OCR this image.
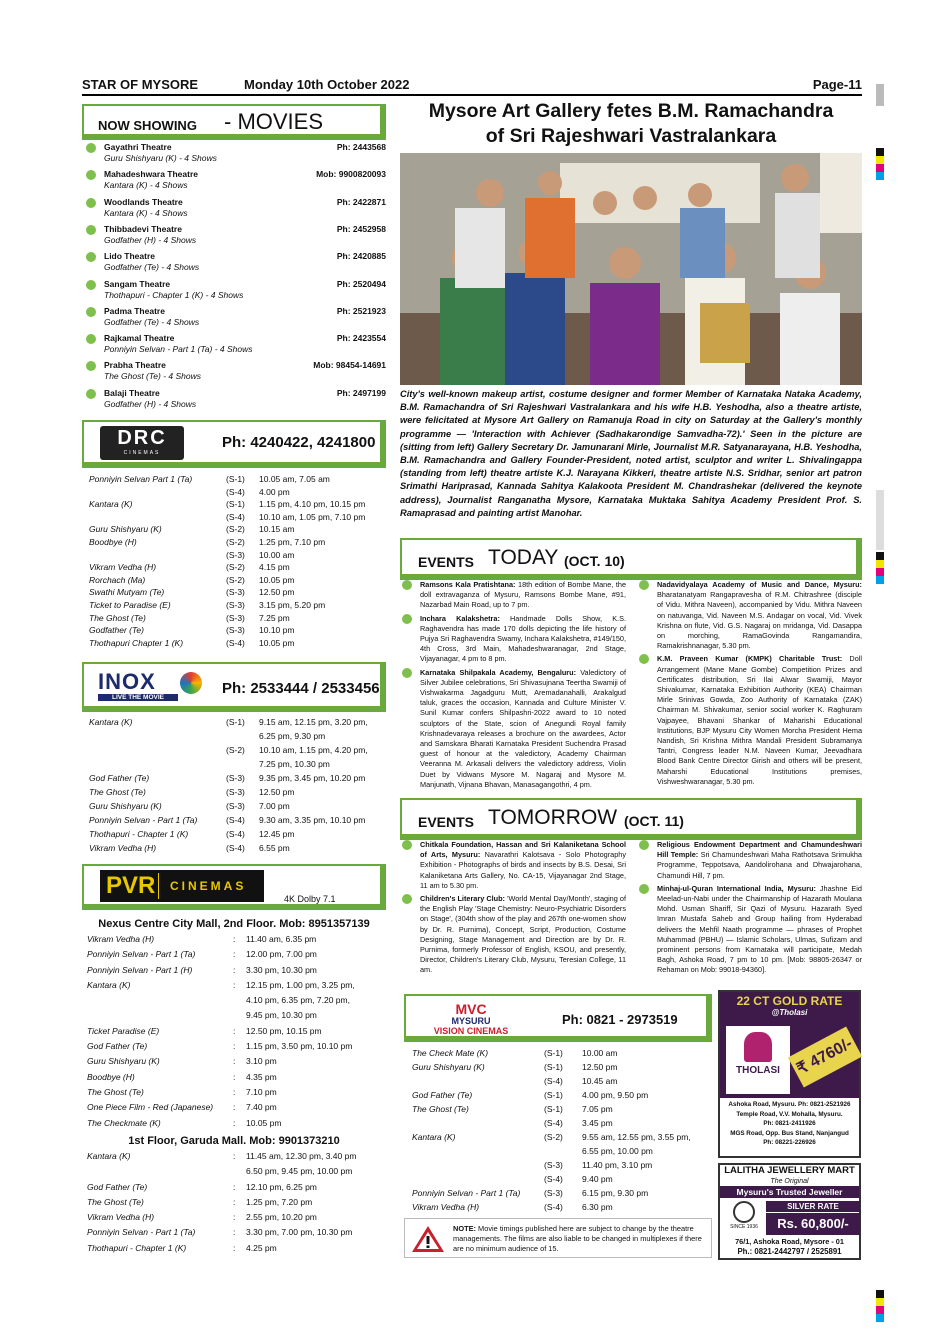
STAR OF MYSORE	Monday 10th October 2022	Page-11
NOW SHOWING - MOVIES
Gayathri Theatre	Ph: 2443568
Guru Shishyaru (K) - 4 Shows
Mahadeshwara Theatre	Mob: 9900820093
Kantara (K) - 4 Shows
Woodlands Theatre	Ph: 2422871
Kantara (K) - 4 Shows
Thibbadevi Theatre	Ph: 2452958
Godfather (H) - 4 Shows
Lido Theatre	Ph: 2420885
Godfather (Te) - 4 Shows
Sangam Theatre	Ph: 2520494
Thothapuri - Chapter 1 (K) - 4 Shows
Padma Theatre	Ph: 2521923
Godfather (Te) - 4 Shows
Rajkamal Theatre	Ph: 2423554
Ponniyin Selvan - Part 1 (Ta) - 4 Shows
Prabha Theatre	Mob: 98454-14691
The Ghost (Te) - 4 Shows
Balaji Theatre	Ph: 2497199
Godfather (H) - 4 Shows
DRC
CINEMAS
Ph: 4240422, 4241800
Ponniyin Selvan Part 1 (Ta)	(S-1) 10.05 am, 7.05 am
(S-4) 4.00 pm
Kantara (K)	(S-1) 1.15 pm, 4.10 pm, 10.15 pm
(S-4) 10.10 am, 1.05 pm, 7.10 pm
Guru Shishyaru (K)	(S-2) 10.15 am
Boodbye (H)	(S-2) 1.25 pm, 7.10 pm
(S-3) 10.00 am
Vikram Vedha (H)	(S-2) 4.15 pm
Rorchach (Ma)	(S-2) 10.05 pm
Swathi Mutyam (Te)	(S-3) 12.50 pm
Ticket to Paradise (E)	(S-3) 3.15 pm, 5.20 pm
The Ghost (Te)	(S-3) 7.25 pm
Godfather (Te)	(S-3) 10.10 pm
Thothapuri Chapter 1 (K)	(S-4) 10.05 pm
INOX
LIVE THE MOVIE
Ph: 2533444 / 2533456
Kantara (K)	(S-1) 9.15 am, 12.15 pm, 3.20 pm,
6.25 pm, 9.30 pm
(S-2) 10.10 am, 1.15 pm, 4.20 pm,
7.25 pm, 10.30 pm
God Father (Te)	(S-3) 9.35 pm, 3.45 pm, 10.20 pm
The Ghost (Te)	(S-3) 12.50 pm
Guru Shishyaru (K)	(S-3) 7.00 pm
Ponniyin Selvan - Part 1 (Ta)	(S-4) 9.30 am, 3.35 pm, 10.10 pm
Thothapuri - Chapter 1 (K)	(S-4) 12.45 pm
Vikram Vedha (H)	(S-4) 6.55 pm
PVR CINEMAS
4K Dolby 7.1
Nexus Centre City Mall, 2nd Floor. Mob: 8951357139
Vikram Vedha (H)	: 11.40 am, 6.35 pm
Ponniyin Selvan - Part 1 (Ta)	: 12.00 pm, 7.00 pm
Ponniyin Selvan - Part 1 (H)	: 3.30 pm, 10.30 pm
Kantara (K)	: 12.15 pm, 1.00 pm, 3.25 pm,
4.10 pm, 6.35 pm, 7.20 pm,
9.45 pm, 10.30 pm
Ticket Paradise (E)	: 12.50 pm, 10.15 pm
God Father (Te)	: 1.15 pm, 3.50 pm, 10.10 pm
Guru Shishyaru (K)	: 3.10 pm
Boodbye (H)	: 4.35 pm
The Ghost (Te)	: 7.10 pm
One Piece Film - Red (Japanese) : 7.40 pm
The Checkmate (K)	: 10.05 pm
1st Floor, Garuda Mall. Mob: 9901373210
Kantara (K)	: 11.45 am, 12.30 pm, 3.40 pm
6.50 pm, 9.45 pm, 10.00 pm
God Father (Te)	: 12.10 pm, 6.25 pm
The Ghost (Te)	: 1.25 pm, 7.20 pm
Vikram Vedha (H)	: 2.55 pm, 10.20 pm
Ponniyin Selvan - Part 1 (Ta)	: 3.30 pm, 7.00 pm, 10.30 pm
Thothapuri - Chapter 1 (K)	: 4.25 pm
Mysore Art Gallery fetes B.M. Ramachandra
of Sri Rajeshwari Vastralankara
City's well-known makeup artist, costume designer and former Member of Karnataka Nataka Academy, B.M. Ramachandra of Sri Rajeshwari Vastralankara and his wife H.B. Yeshodha, also a theatre artiste, were felicitated at Mysore Art Gallery on Ramanuja Road in city on Saturday at the Gallery's monthly programme — 'Interaction with Achiever (Sadhakarondige Samvadha-72).' Seen in the picture are (sitting from left) Gallery Secretary Dr. Jamunarani Mirle, Journalist M.R. Satyanarayana, H.B. Yeshodha, B.M. Ramachandra and Gallery Founder-President, noted artist, sculptor and writer L. Shivalingappa (standing from left) theatre artiste K.J. Narayana Kikkeri, theatre artiste N.S. Sridhar, senior art patron Srimathi Hariprasad, Kannada Sahitya Kalakoota President M. Chandrashekar (delivered the keynote address), Journalist Ranganatha Mysore, Karnataka Muktaka Sahitya Academy President Prof. S. Ramaprasad and painting artist Manohar.
EVENTS TODAY (OCT. 10)

Ramsons Kala Pratishtana: 18th edition of Bombe Mane, the doll extravaganza of Mysuru, Ramsons Bombe Mane, #91, Nazarbad Main Road, up to 7 pm.

Inchara Kalakshetra: Handmade Dolls Show, K.S. Raghavendra has made 170 dolls depicting the life history of Pujya Sri Raghavendra Swamy, Inchara Kalakshetra, #149/150, 4th Cross, 3rd Main, Mahadeshwaranagar, 2nd Stage, Vijayanagar, 4 pm to 8 pm.

Karnataka Shilpakala Academy, Bengaluru: Valedictory of Silver Jubilee celebrations, Sri Shivasujnana Teertha Swamiji of Vishwakarma Jagadguru Mutt, Aremadanahalli, Arakalgud taluk, graces the occasion, Kannada and Culture Minister V. Sunil Kumar confers Shilpashri-2022 award to 10 noted sculptors of the State, scion of Anegundi Royal family Krishnadevaraya releases a brochure on the awardees, Actor and Samskara Bharati Karnataka President Suchendra Prasad guest of honour at the valedictory, Academy Chairman Veeranna M. Arkasali delivers the valedictory address, Violin Duet by Vidwans Mysore M. Nagaraj and Mysore M. Manjunath, Vijnana Bhavan, Manasagangothri, 4 pm.

Nadavidyalaya Academy of Music and Dance, Mysuru: Bharatanatyam Rangapravesha of R.M. Chitrashree (disciple of Vidu. Mithra Naveen), accompanied by Vidu. Mithra Naveen on natuvanga, Vid. Naveen M.S. Andagar on vocal, Vid. Vivek Krishna on flute, Vid. G.S. Nagaraj on mridanga, Vid. Dasappa on morching, RamaGovinda Rangamandira, Ramakrishnanagar, 5.30 pm.

K.M. Praveen Kumar (KMPK) Charitable Trust: Doll Arrangement (Mane Mane Gombe) Competition Prizes and Certificates distribution, Sri Ilai Alwar Swamiji, Mayor Shivakumar, Karnataka Exhibition Authority (KEA) Chairman Mirle Srinivas Gowda, Zoo Authority of Karnataka (ZAK) Chairman M. Shivakumar, senior social worker K. Raghuram Vajpayee, Bhavani Shankar of Maharishi Educational Institutions, BJP Mysuru City Women Morcha President Hema Nandish, Sri Krishna Mithra Mandali President Subramanya Tantri, Congress leader N.M. Naveen Kumar, Jeevadhara Blood Bank Centre Director Girish and others will be present, Maharshi Educational Institutions premises, Vishweshwaranagar, 5.30 pm.

EVENTS TOMORROW (OCT. 11)

Chitkala Foundation, Hassan and Sri Kalaniketana School of Arts, Mysuru: Navarathri Kalotsava - Solo Photography Exhibition - Photographs of birds and insects by B.S. Desai, Sri Kalaniketana Arts Gallery, No. CA-15, Vijayanagar 2nd Stage, 11 am to 5.30 pm.

Children's Literary Club: 'World Mental Day/Month', staging of the English Play 'Stage Chemistry: Neuro-Psychiatric Disorders on Stage', (304th show of the play and 267th one-women show by Dr. R. Purnima), Concept, Script, Production, Costume Designing, Stage Management and Direction are by Dr. R. Purnima, formerly Professor of English, KSOU, and presently, Director, Children's Literary Club, Mysuru, Teresian College, 11 am.

Religious Endowment Department and Chamundeshwari Hill Temple: Sri Chamundeshwari Maha Rathotsava Srimukha Programme, Teppotsava, Aandolirohana and Dhwajarohana, Chamundi Hill, 7 pm.

Minhaj-ul-Quran International India, Mysuru: Jhashne Eid Meelad-un-Nabi under the Chairmanship of Hazarath Moulana Mohd. Usman Shariff, Sir Qazi of Mysuru. Hazarath Syed Imran Mustafa Saheb and Group hailing from Hyderabad delivers the Mehfil Naath programme — phrases of Prophet Muhammad (PBHU) — Islamic Scholars, Ulmas, Sufizam and prominent persons from Karnataka will participate, Medah Bagh, Ashoka Road, 7 pm to 10 pm. [Mob: 98805-26347 or Rehaman on Mob: 99018-94360].

MVC
MYSURU
VISION CINEMAS
Ph: 0821 - 2973519
The Check Mate (K)	(S-1) 10.00 am
Guru Shishyaru (K)	(S-1) 12.50 pm
(S-4) 10.45 am
God Father (Te)	(S-1) 4.00 pm, 9.50 pm
The Ghost (Te)	(S-1) 7.05 pm
(S-4) 3.45 pm
Kantara (K)	(S-2) 9.55 am, 12.55 pm, 3.55 pm,
6.55 pm, 10.00 pm
(S-3) 11.40 pm, 3.10 pm
(S-4) 9.40 pm
Ponniyin Selvan - Part 1 (Ta)	(S-3) 6.15 pm, 9.30 pm
Vikram Vedha (H)	(S-4) 6.30 pm
NOTE: Movie timings published here are subject to change by the theatre managements. The films are also liable to be changed in multiplexes if there are no minimum audience of 15.
22 CT GOLD RATE
@Tholasi
THOLASI ₹ 4760/-
Ashoka Road, Mysuru. Ph: 0821-2521926
Temple Road, V.V. Mohalla, Mysuru.
Ph: 0821-2411926
MGS Road, Opp. Bus Stand, Nanjangud
Ph: 08221-226926
LALITHA JEWELLERY MART
The Original
Mysuru's Trusted Jeweller
SINCE 1936
SILVER RATE
Rs. 60,800/-
76/1, Ashoka Road, Mysore - 01
Ph.: 0821-2442797 / 2525891
